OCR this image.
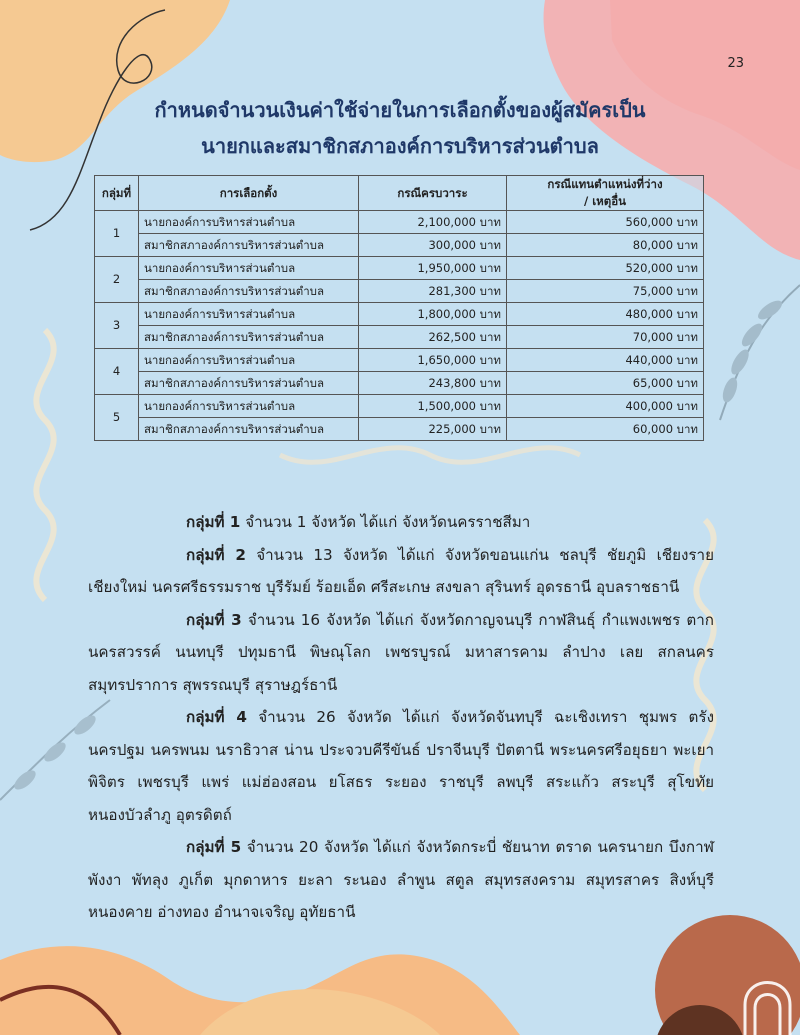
23
กำหนดจำนวนเงินค่าใช้จ่ายในการเลือกตั้งของผู้สมัครเป็น
นายกและสมาชิกสภาองค์การบริหารส่วนตำบล
กลุ่มที่	การเลือกตั้ง	กรณีครบวาระ	กรณีแทนตำแหน่งที่ว่าง
/ เหตุอื่น

1	นายกองค์การบริหารส่วนตำบล	2,100,000 บาท	560,000 บาท
	สมาชิกสภาองค์การบริหารส่วนตำบล	300,000 บาท	80,000 บาท
2	นายกองค์การบริหารส่วนตำบล	1,950,000 บาท	520,000 บาท
	สมาชิกสภาองค์การบริหารส่วนตำบล	281,300 บาท	75,000 บาท
3	นายกองค์การบริหารส่วนตำบล	1,800,000 บาท	480,000 บาท
	สมาชิกสภาองค์การบริหารส่วนตำบล	262,500 บาท	70,000 บาท
4	นายกองค์การบริหารส่วนตำบล	1,650,000 บาท	440,000 บาท
	สมาชิกสภาองค์การบริหารส่วนตำบล	243,800 บาท	65,000 บาท
5	นายกองค์การบริหารส่วนตำบล	1,500,000 บาท	400,000 บาท
	สมาชิกสภาองค์การบริหารส่วนตำบล	225,000 บาท	60,000 บาท

กลุ่มที่ 1 จำนวน 1 จังหวัด ได้แก่ จังหวัดนครราชสีมา

กลุ่มที่ 2 จำนวน 13 จังหวัด ได้แก่ จังหวัดขอนแก่น ชลบุรี ชัยภูมิ เชียงราย เชียงใหม่ นครศรีธรรมราช บุรีรัมย์ ร้อยเอ็ด ศรีสะเกษ สงขลา สุรินทร์ อุดรธานี อุบลราชธานี

กลุ่มที่ 3 จำนวน 16 จังหวัด ได้แก่ จังหวัดกาญจนบุรี กาฬสินธุ์ กำแพงเพชร ตาก นครสวรรค์ นนทบุรี ปทุมธานี พิษณุโลก เพชรบูรณ์ มหาสารคาม ลำปาง เลย สกลนคร สมุทรปราการ สุพรรณบุรี สุราษฎร์ธานี

กลุ่มที่ 4 จำนวน 26 จังหวัด ได้แก่ จังหวัดจันทบุรี ฉะเชิงเทรา ชุมพร ตรัง นครปฐม นครพนม นราธิวาส น่าน ประจวบคีรีขันธ์ ปราจีนบุรี ปัตตานี พระนครศรีอยุธยา พะเยา พิจิตร เพชรบุรี แพร่ แม่ฮ่องสอน ยโสธร ระยอง ราชบุรี ลพบุรี สระแก้ว สระบุรี สุโขทัย หนองบัวลำภู อุตรดิตถ์

กลุ่มที่ 5 จำนวน 20 จังหวัด ได้แก่ จังหวัดกระบี่ ชัยนาท ตราด นครนายก บึงกาฬ พังงา พัทลุง ภูเก็ต มุกดาหาร ยะลา ระนอง ลำพูน สตูล สมุทรสงคราม สมุทรสาคร สิงห์บุรี หนองคาย อ่างทอง อำนาจเจริญ อุทัยธานี
